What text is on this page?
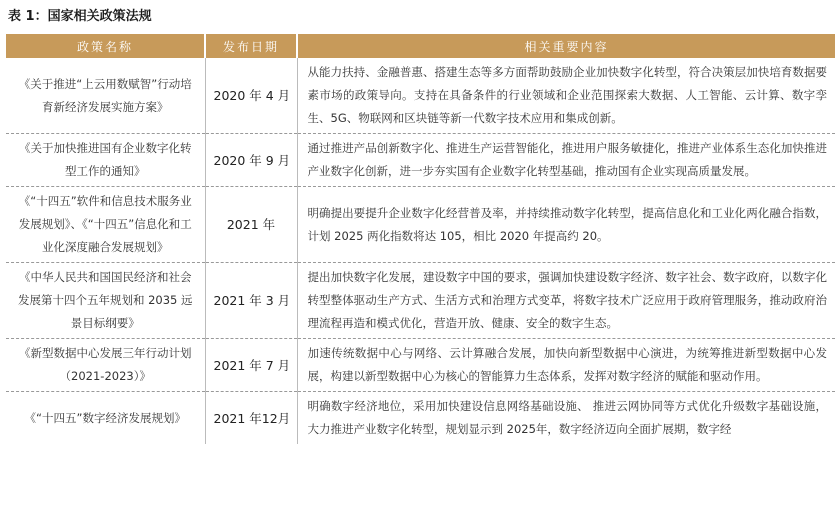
表 1：国家相关政策法规
政策名称	发布日期	相关重要内容
《关于推进“上云用数赋智”行动培育新经济发展实施方案》	2020 年 4 月	从能力扶持、金融普惠、搭建生态等多方面帮助鼓励企业加快数字化转型，符合决策层加快培育数据要素市场的政策导向。支持在具备条件的行业领域和企业范围探索大数据、人工智能、云计算、数字孪生、5G、物联网和区块链等新一代数字技术应用和集成创新。
《关于加快推进国有企业数字化转型工作的通知》	2020 年 9 月	通过推进产品创新数字化、推进生产运营智能化，推进用户服务敏捷化，推进产业体系生态化加快推进产业数字化创新，进一步夯实国有企业数字化转型基础，推动国有企业实现高质量发展。
《“十四五”软件和信息技术服务业发展规划》、《“十四五”信息化和工业化深度融合发展规划》	2021 年	明确提出要提升企业数字化经营普及率，并持续推动数字化转型，提高信息化和工业化两化融合指数，计划 2025 两化指数将达 105，相比 2020 年提高约 20。
《中华人民共和国国民经济和社会发展第十四个五年规划和 2035 远景目标纲要》	2021 年 3 月	提出加快数字化发展，建设数字中国的要求，强调加快建设数字经济、数字社会、数字政府，以数字化转型整体驱动生产方式、生活方式和治理方式变革，将数字技术广泛应用于政府管理服务，推动政府治理流程再造和模式优化，营造开放、健康、安全的数字生态。
《新型数据中心发展三年行动计划（2021-2023）》	2021 年 7 月	加速传统数据中心与网络、云计算融合发展，加快向新型数据中心演进，为统筹推进新型数据中心发展，构建以新型数据中心为核心的智能算力生态体系，发挥对数字经济的赋能和驱动作用。
《“十四五”数字经济发展规划》	2021 年12月	明确数字经济地位，采用加快建设信息网络基础设施、 推进云网协同等方式优化升级数字基础设施，大力推进产业数字化转型，规划显示到 2025年，数字经济迈向全面扩展期，数字经
